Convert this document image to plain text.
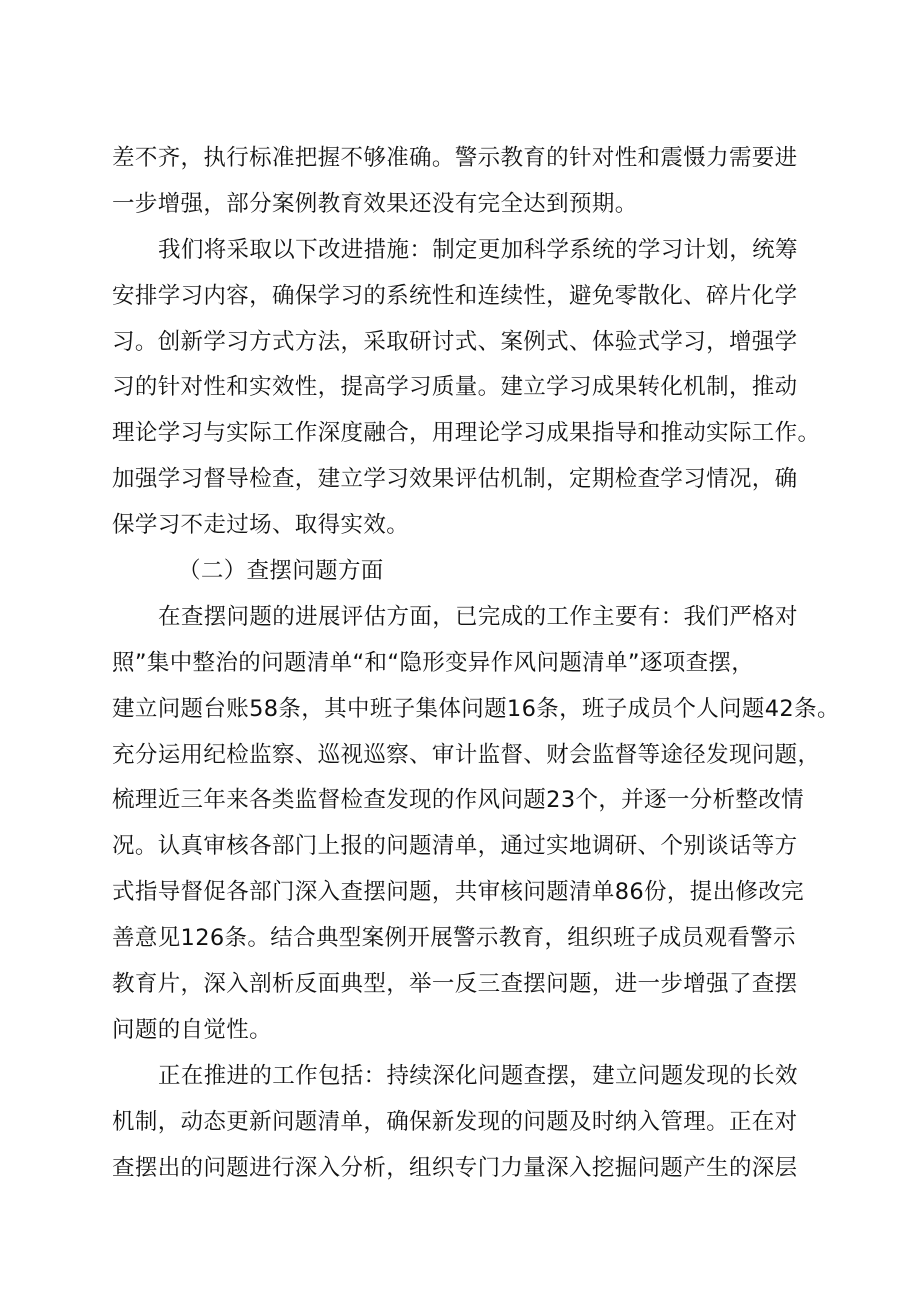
差不齐，执行标准把握不够准确。警示教育的针对性和震慑力需要进
一步增强，部分案例教育效果还没有完全达到预期。
我们将采取以下改进措施：制定更加科学系统的学习计划，统筹
安排学习内容，确保学习的系统性和连续性，避免零散化、碎片化学
习。创新学习方式方法，采取研讨式、案例式、体验式学习，增强学
习的针对性和实效性，提高学习质量。建立学习成果转化机制，推动
理论学习与实际工作深度融合，用理论学习成果指导和推动实际工作。
加强学习督导检查，建立学习效果评估机制，定期检查学习情况，确
保学习不走过场、取得实效。
（二）查摆问题方面
在查摆问题的进展评估方面，已完成的工作主要有：我们严格对
照”集中整治的问题清单“和“隐形变异作风问题清单”逐项查摆，
建立问题台账58条，其中班子集体问题16条，班子成员个人问题42条。
充分运用纪检监察、巡视巡察、审计监督、财会监督等途径发现问题，
梳理近三年来各类监督检查发现的作风问题23个，并逐一分析整改情
况。认真审核各部门上报的问题清单，通过实地调研、个别谈话等方
式指导督促各部门深入查摆问题，共审核问题清单86份，提出修改完
善意见126条。结合典型案例开展警示教育，组织班子成员观看警示
教育片，深入剖析反面典型，举一反三查摆问题，进一步增强了查摆
问题的自觉性。
正在推进的工作包括：持续深化问题查摆，建立问题发现的长效
机制，动态更新问题清单，确保新发现的问题及时纳入管理。正在对
查摆出的问题进行深入分析，组织专门力量深入挖掘问题产生的深层
